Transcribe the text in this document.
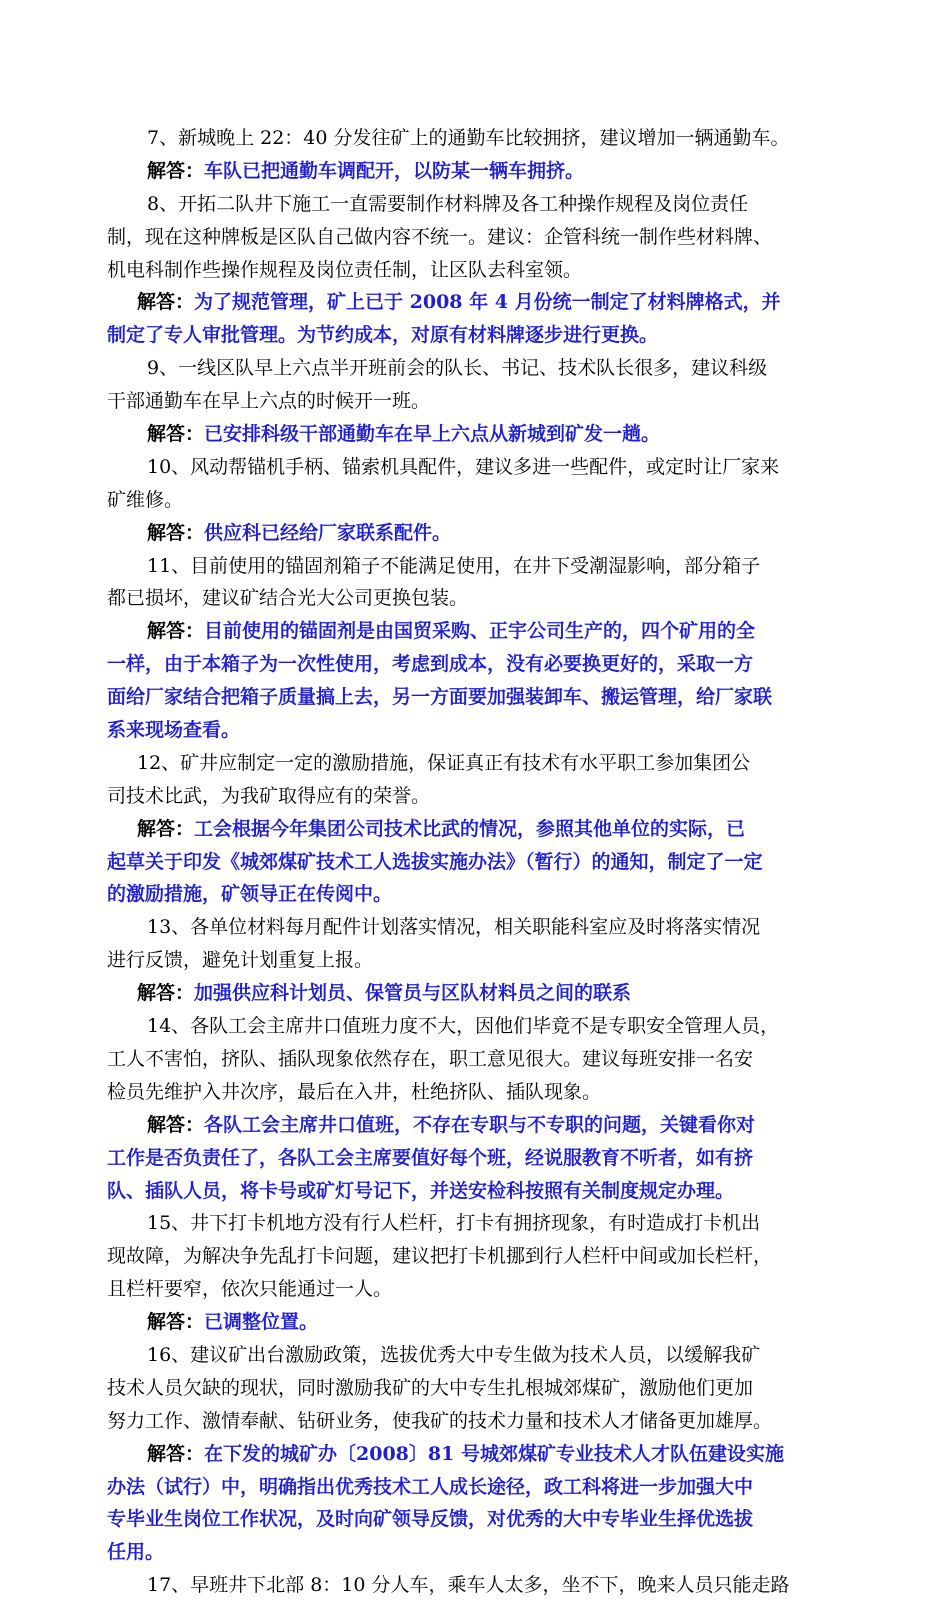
7、新城晚上 22：40 分发往矿上的通勤车比较拥挤，建议增加一辆通勤车。
解答：车队已把通勤车调配开，以防某一辆车拥挤。
8、开拓二队井下施工一直需要制作材料牌及各工种操作规程及岗位责任
制，现在这种牌板是区队自己做内容不统一。建议：企管科统一制作些材料牌、
机电科制作些操作规程及岗位责任制，让区队去科室领。
解答：为了规范管理，矿上已于 2008 年 4 月份统一制定了材料牌格式，并
制定了专人审批管理。为节约成本，对原有材料牌逐步进行更换。
9、一线区队早上六点半开班前会的队长、书记、技术队长很多，建议科级
干部通勤车在早上六点的时候开一班。
解答：已安排科级干部通勤车在早上六点从新城到矿发一趟。
10、风动帮锚机手柄、锚索机具配件，建议多进一些配件，或定时让厂家来
矿维修。
解答：供应科已经给厂家联系配件。
11、目前使用的锚固剂箱子不能满足使用，在井下受潮湿影响，部分箱子
都已损坏，建议矿结合光大公司更换包装。
解答：目前使用的锚固剂是由国贸采购、正宇公司生产的，四个矿用的全
一样，由于本箱子为一次性使用，考虑到成本，没有必要换更好的，采取一方
面给厂家结合把箱子质量搞上去，另一方面要加强装卸车、搬运管理，给厂家联
系来现场查看。
12、矿井应制定一定的激励措施，保证真正有技术有水平职工参加集团公
司技术比武，为我矿取得应有的荣誉。
解答：工会根据今年集团公司技术比武的情况，参照其他单位的实际，已
起草关于印发《城郊煤矿技术工人选拔实施办法》（暂行）的通知，制定了一定
的激励措施，矿领导正在传阅中。
13、各单位材料每月配件计划落实情况，相关职能科室应及时将落实情况
进行反馈，避免计划重复上报。
解答：加强供应科计划员、保管员与区队材料员之间的联系
14、各队工会主席井口值班力度不大，因他们毕竟不是专职安全管理人员，
工人不害怕，挤队、插队现象依然存在，职工意见很大。建议每班安排一名安
检员先维护入井次序，最后在入井，杜绝挤队、插队现象。
解答：各队工会主席井口值班，不存在专职与不专职的问题，关键看你对
工作是否负责任了，各队工会主席要值好每个班，经说服教育不听者，如有挤
队、插队人员，将卡号或矿灯号记下，并送安检科按照有关制度规定办理。
15、井下打卡机地方没有行人栏杆，打卡有拥挤现象，有时造成打卡机出
现故障，为解决争先乱打卡问题，建议把打卡机挪到行人栏杆中间或加长栏杆，
且栏杆要窄，依次只能通过一人。
解答：已调整位置。
16、建议矿出台激励政策，选拔优秀大中专生做为技术人员，以缓解我矿
技术人员欠缺的现状，同时激励我矿的大中专生扎根城郊煤矿，激励他们更加
努力工作、激情奉献、钻研业务，使我矿的技术力量和技术人才储备更加雄厚。
解答：在下发的城矿办〔2008〕81 号城郊煤矿专业技术人才队伍建设实施
办法（试行）中，明确指出优秀技术工人成长途径，政工科将进一步加强大中
专毕业生岗位工作状况，及时向矿领导反馈，对优秀的大中专毕业生择优选拔
任用。
17、早班井下北部 8：10 分人车，乘车人太多，坐不下，晚来人员只能走路
